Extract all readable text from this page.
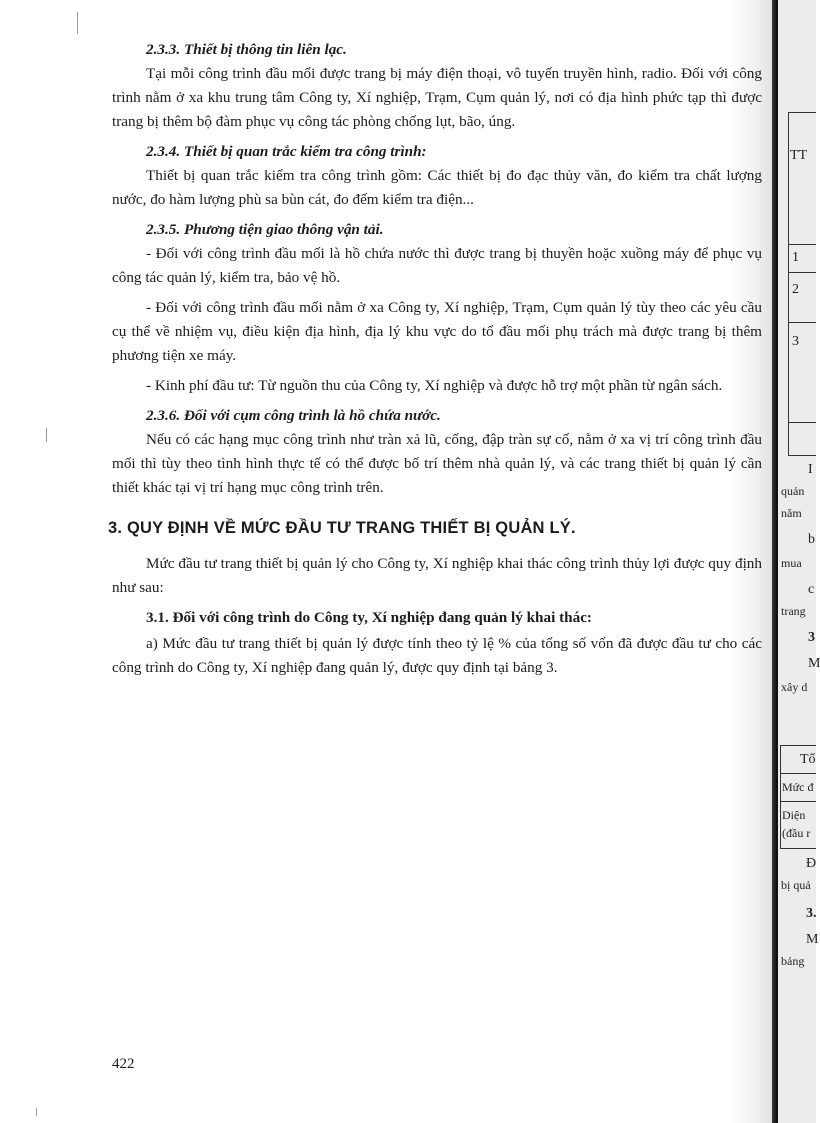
TT
1
2
3
I
quản
năm
b
mua
c
trang
3
M
xây d
Tổ
Mức đ
Diện
(đầu r
Đ
bị quả
3.
M
bảng
2.3.3. Thiết bị thông tin liên lạc.

Tại mỗi công trình đầu mối được trang bị máy điện thoại, vô tuyến truyền hình, radio. Đối với công trình nằm ở xa khu trung tâm Công ty, Xí nghiệp, Trạm, Cụm quản lý, nơi có địa hình phức tạp thì được trang bị thêm bộ đàm phục vụ công tác phòng chống lụt, bão, úng.

2.3.4. Thiết bị quan trắc kiểm tra công trình:

Thiết bị quan trắc kiểm tra công trình gồm: Các thiết bị đo đạc thủy văn, đo kiểm tra chất lượng nước, đo hàm lượng phù sa bùn cát, đo đếm kiểm tra điện...

2.3.5. Phương tiện giao thông vận tải.

- Đối với công trình đầu mối là hồ chứa nước thì được trang bị thuyền hoặc xuồng máy để phục vụ công tác quản lý, kiểm tra, bảo vệ hồ.

- Đối với công trình đầu mối nằm ở xa Công ty, Xí nghiệp, Trạm, Cụm quản lý tùy theo các yêu cầu cụ thể về nhiệm vụ, điều kiện địa hình, địa lý khu vực do tổ đầu mối phụ trách mà được trang bị thêm phương tiện xe máy.

- Kinh phí đầu tư: Từ nguồn thu của Công ty, Xí nghiệp và được hỗ trợ một phần từ ngân sách.

2.3.6. Đối với cụm công trình là hồ chứa nước.

Nếu có các hạng mục công trình như tràn xả lũ, cống, đập tràn sự cố, nằm ở xa vị trí công trình đầu mối thì tùy theo tình hình thực tế có thể được bố trí thêm nhà quản lý, và các trang thiết bị quản lý cần thiết khác tại vị trí hạng mục công trình trên.

3. QUY ĐỊNH VỀ MỨC ĐẦU TƯ TRANG THIẾT BỊ QUẢN LÝ.

Mức đầu tư trang thiết bị quản lý cho Công ty, Xí nghiệp khai thác công trình thủy lợi được quy định như sau:

3.1. Đối với công trình do Công ty, Xí nghiệp đang quản lý khai thác:

a) Mức đầu tư trang thiết bị quản lý được tính theo tỷ lệ % của tổng số vốn đã được đầu tư cho các công trình do Công ty, Xí nghiệp đang quản lý, được quy định tại bảng 3.

422
